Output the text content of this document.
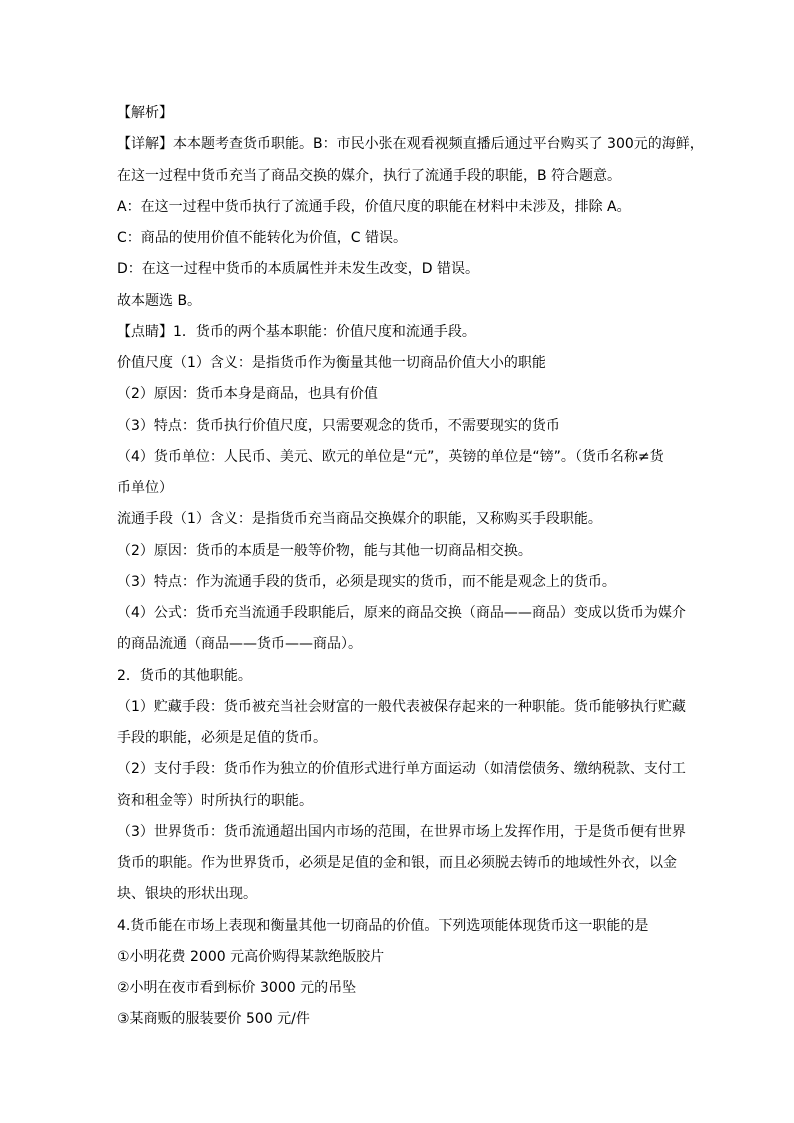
【解析】
【详解】本本题考查货币职能。B：市民小张在观看视频直播后通过平台购买了 300元的海鲜，
在这一过程中货币充当了商品交换的媒介，执行了流通手段的职能，B 符合题意。
A：在这一过程中货币执行了流通手段，价值尺度的职能在材料中未涉及，排除 A。
C：商品的使用价值不能转化为价值，C 错误。
D：在这一过程中货币的本质属性并未发生改变，D 错误。
故本题选 B。
【点睛】1．货币的两个基本职能：价值尺度和流通手段。
价值尺度（1）含义：是指货币作为衡量其他一切商品价值大小的职能
（2）原因：货币本身是商品，也具有价值
（3）特点：货币执行价值尺度，只需要观念的货币，不需要现实的货币
（4）货币单位：人民币、美元、欧元的单位是“元”，英镑的单位是“镑”。（货币名称≠货
币单位）
流通手段（1）含义：是指货币充当商品交换媒介的职能，又称购买手段职能。
（2）原因：货币的本质是一般等价物，能与其他一切商品相交换。
（3）特点：作为流通手段的货币，必须是现实的货币，而不能是观念上的货币。
（4）公式：货币充当流通手段职能后，原来的商品交换（商品——商品）变成以货币为媒介
的商品流通（商品——货币——商品）。
2．货币的其他职能。
（1）贮藏手段：货币被充当社会财富的一般代表被保存起来的一种职能。货币能够执行贮藏
手段的职能，必须是足值的货币。
（2）支付手段：货币作为独立的价值形式进行单方面运动（如清偿债务、缴纳税款、支付工
资和租金等）时所执行的职能。
（3）世界货币：货币流通超出国内市场的范围，在世界市场上发挥作用，于是货币便有世界
货币的职能。作为世界货币，必须是足值的金和银，而且必须脱去铸币的地域性外衣，以金
块、银块的形状出现。
4.货币能在市场上表现和衡量其他一切商品的价值。下列选项能体现货币这一职能的是
①小明花费 2000 元高价购得某款绝版胶片
②小明在夜市看到标价 3000 元的吊坠
③某商贩的服装要价 500 元/件
